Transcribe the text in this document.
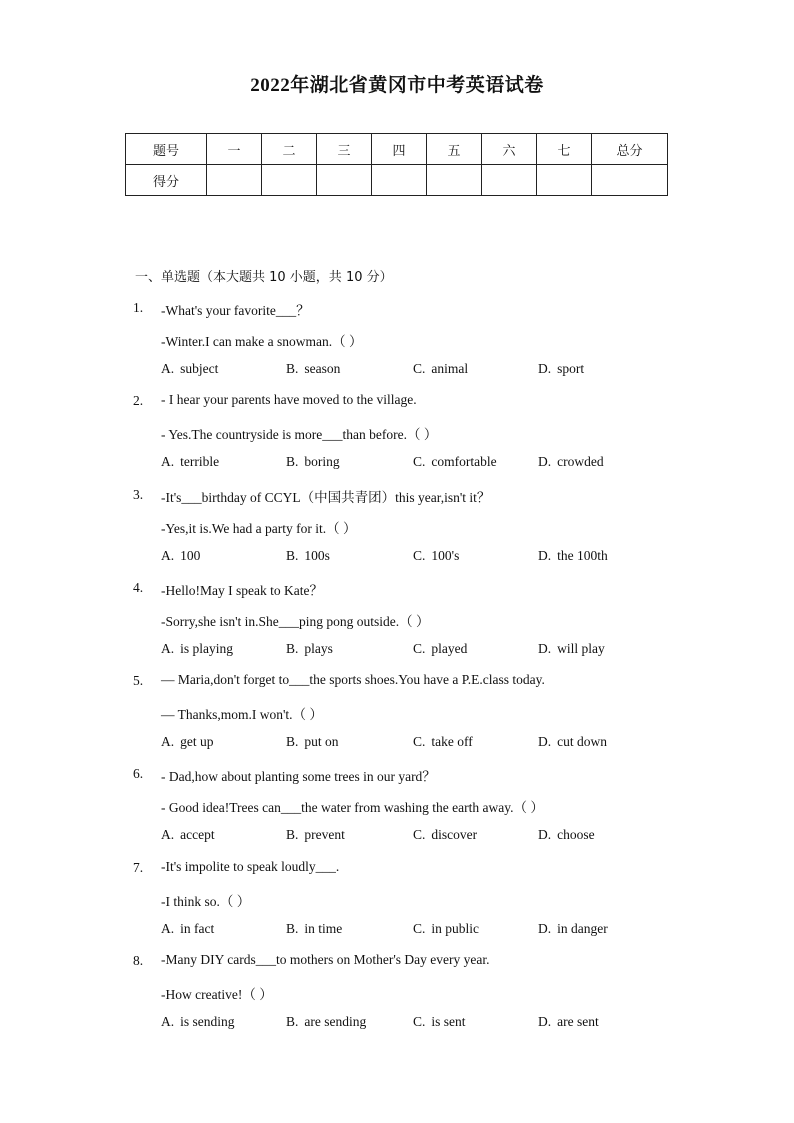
2022年湖北省黄冈市中考英语试卷
题号	一	二	三	四	五	六	七	总分
得分								
一、单选题（本大题共 10 小题，共 10 分）
1. -What's your favorite___？
-Winter.I can make a snowman.（ ）
A. subject	B. season	C. animal	D. sport
2. - I hear your parents have moved to the village.
- Yes.The countryside is more___than before.（ ）
A. terrible	B. boring	C. comfortable	D. crowded
3. -It's___birthday of CCYL（中国共青团）this year,isn't it？
-Yes,it is.We had a party for it.（ ）
A. 100	B. 100s	C. 100's	D. the 100th
4. -Hello!May I speak to Kate？
-Sorry,she isn't in.She___ping pong outside.（ ）
A. is playing	B. plays	C. played	D. will play
5. — Maria,don't forget to___the sports shoes.You have a P.E.class today.
— Thanks,mom.I won't.（ ）
A. get up	B. put on	C. take off	D. cut down
6. - Dad,how about planting some trees in our yard？
- Good idea!Trees can___the water from washing the earth away.（ ）
A. accept	B. prevent	C. discover	D. choose
7. -It's impolite to speak loudly___.
-I think so.（ ）
A. in fact	B. in time	C. in public	D. in danger
8. -Many DIY cards___to mothers on Mother's Day every year.
-How creative!（ ）
A. is sending	B. are sending	C. is sent	D. are sent
